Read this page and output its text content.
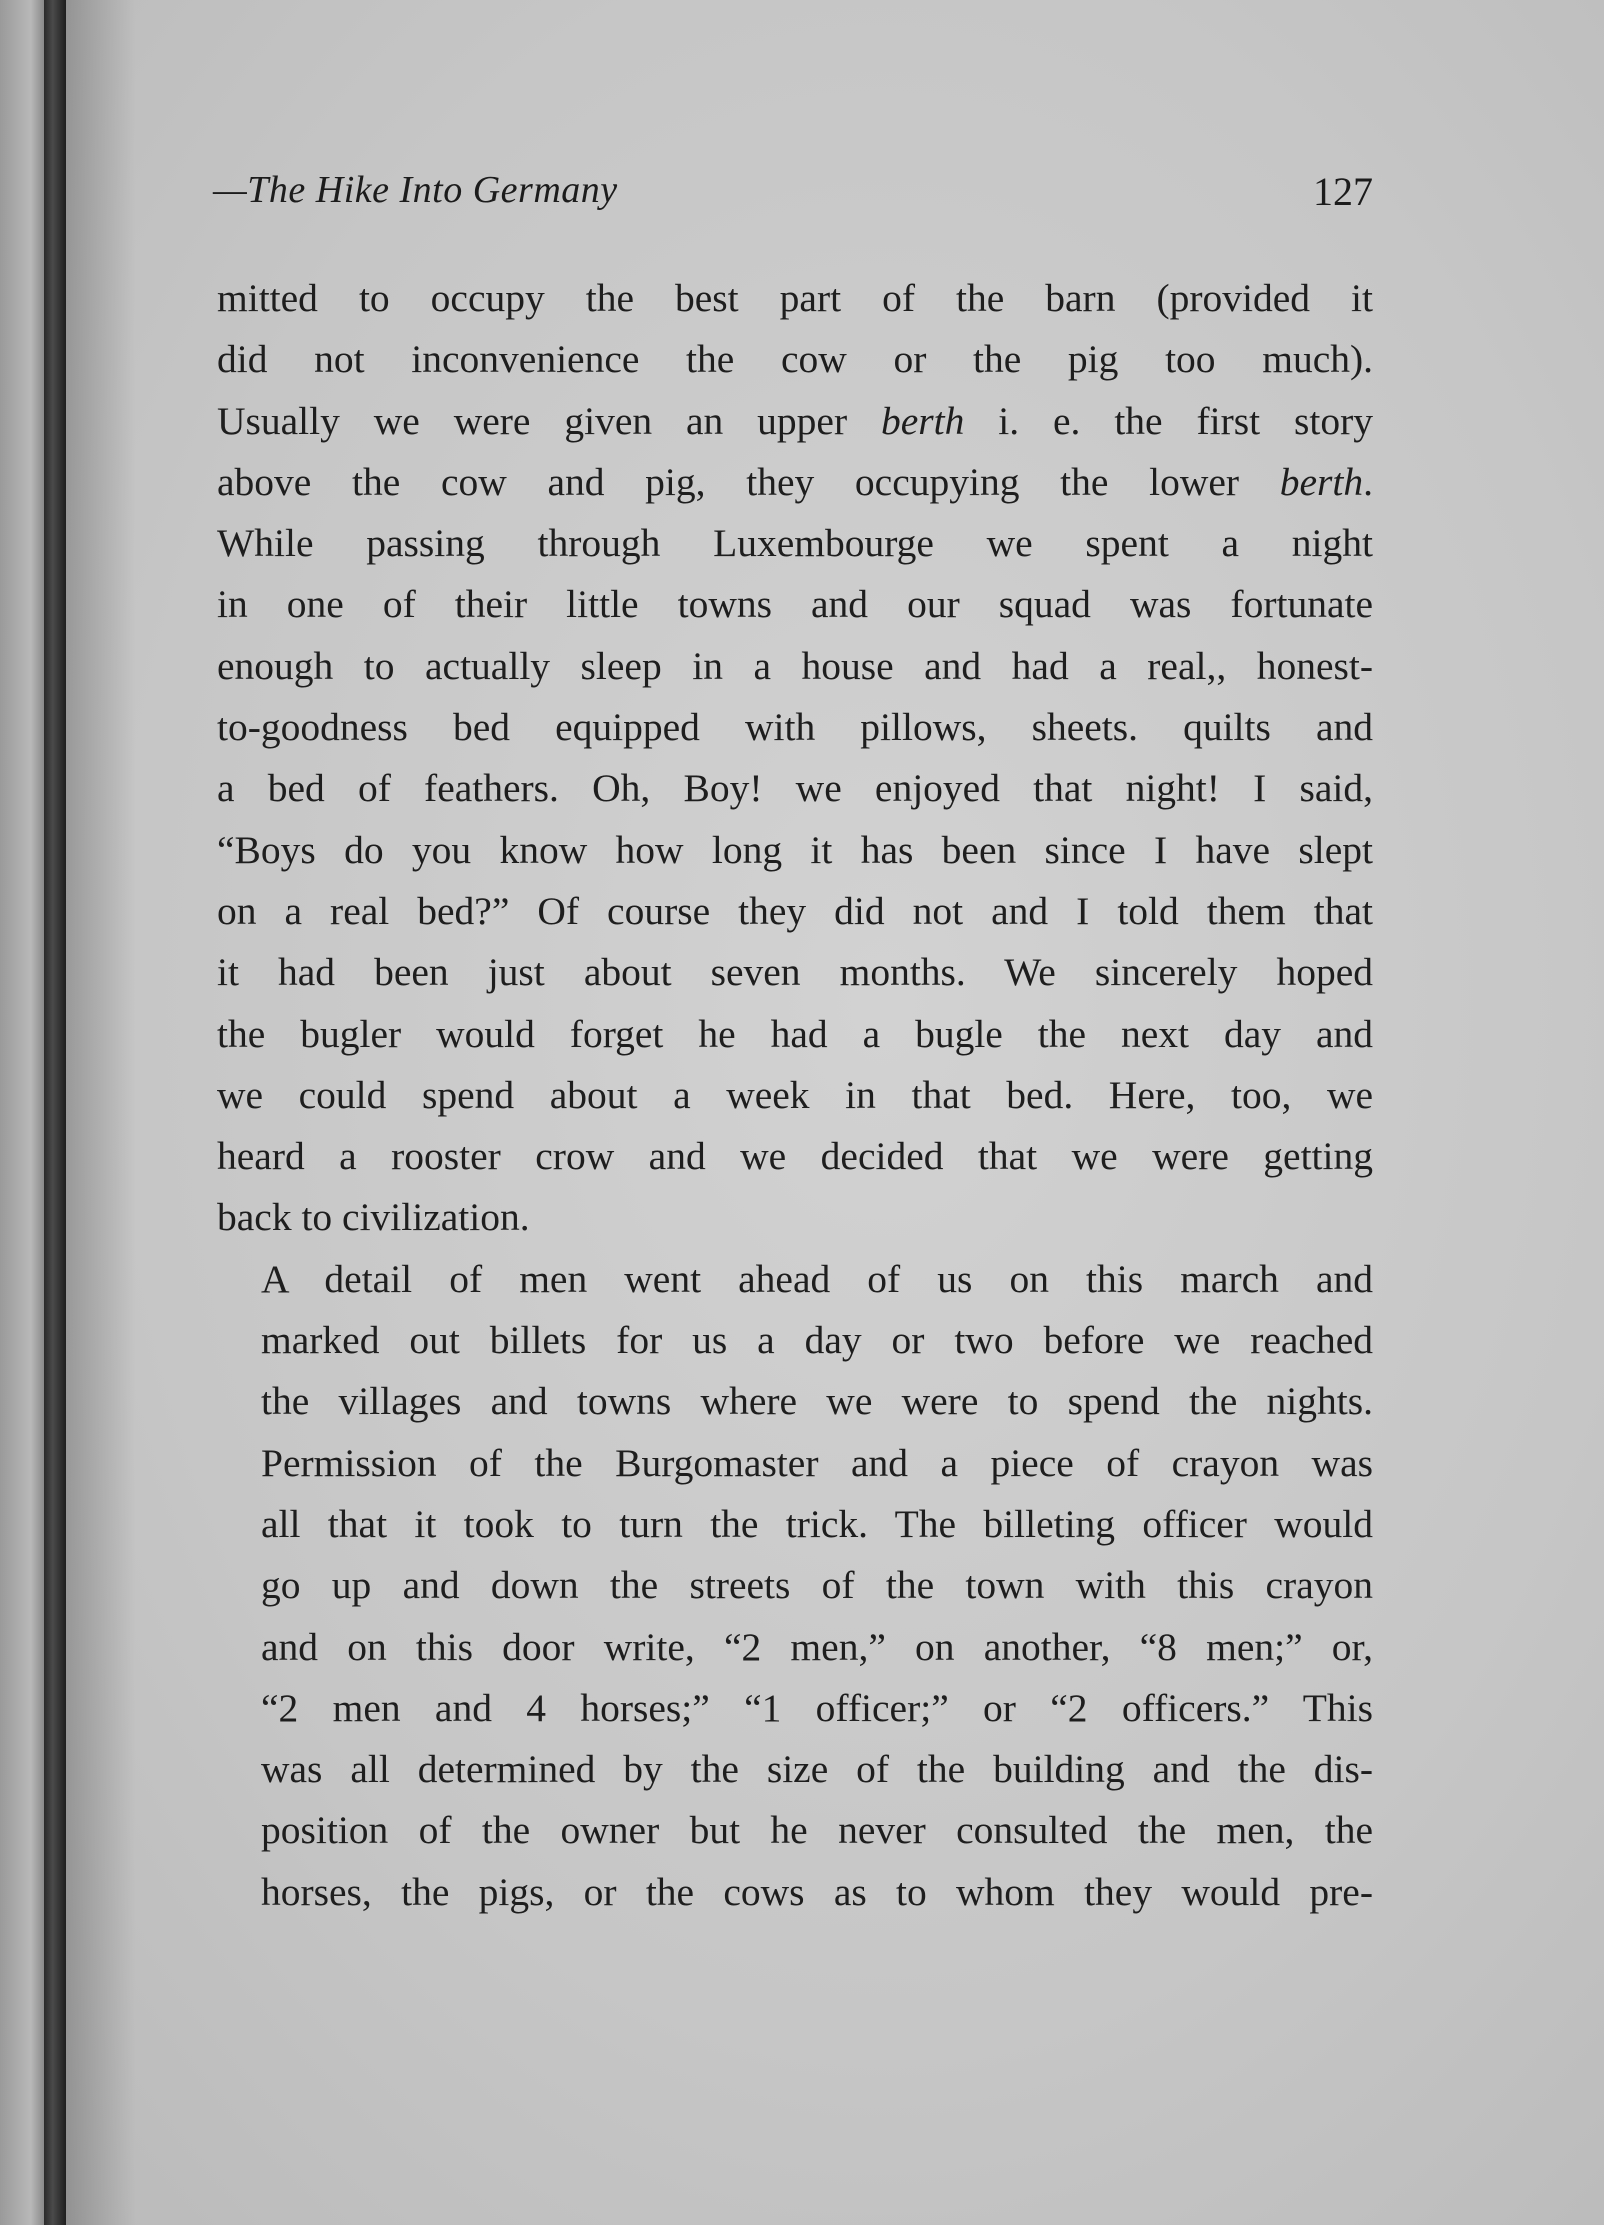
—The Hike Into Germany	127
mitted to occupy the best part of the barn (provided it
did not inconvenience the cow or the pig too much).
Usually we were given an upper berth i. e. the first story
above the cow and pig, they occupying the lower berth.
While passing through Luxembourge we spent a night
in one of their little towns and our squad was fortunate
enough to actually sleep in a house and had a real,, honest-
to-goodness bed equipped with pillows, sheets. quilts and
a bed of feathers. Oh, Boy! we enjoyed that night! I said,
“Boys do you know how long it has been since I have slept
on a real bed?” Of course they did not and I told them that
it had been just about seven months. We sincerely hoped
the bugler would forget he had a bugle the next day and
we could spend about a week in that bed. Here, too, we
heard a rooster crow and we decided that we were getting
back to civilization.
A detail of men went ahead of us on this march and
marked out billets for us a day or two before we reached
the villages and towns where we were to spend the nights.
Permission of the Burgomaster and a piece of crayon was
all that it took to turn the trick. The billeting officer would
go up and down the streets of the town with this crayon
and on this door write, “2 men,” on another, “8 men;” or,
“2 men and 4 horses;” “1 officer;” or “2 officers.” This
was all determined by the size of the building and the dis-
position of the owner but he never consulted the men, the
horses, the pigs, or the cows as to whom they would pre-
